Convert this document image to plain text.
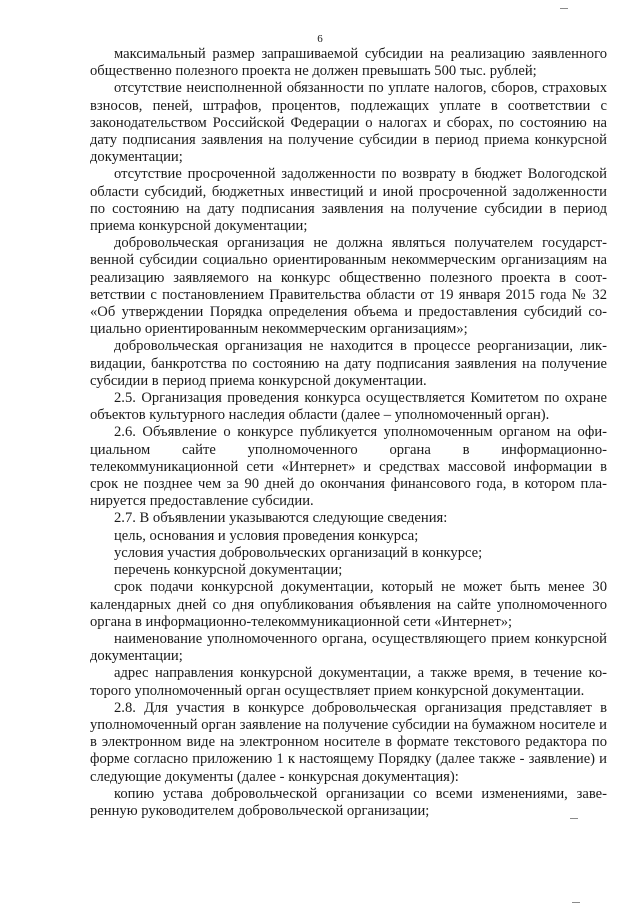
6

максимальный размер запрашиваемой субсидии на реализацию заявленного общественно полезного проекта не должен превышать 500 тыс. рублей;

отсутствие неисполненной обязанности по уплате налогов, сборов, страховых взносов, пеней, штрафов, процентов, подлежащих уплате в соответствии с законодательством Российской Федерации о налогах и сборах, по состоянию на дату подписания заявления на получение субсидии в период приема конкурсной документации;

отсутствие просроченной задолженности по возврату в бюджет Вологодской области субсидий, бюджетных инвестиций и иной просроченной задолженности по состоянию на дату подписания заявления на получение субсидии в период приема конкурсной документации;

добровольческая организация не должна являться получателем государственной субсидии социально ориентированным некоммерческим организациям на реализацию заявляемого на конкурс общественно полезного проекта в соответствии с постановлением Правительства области от 19 января 2015 года № 32 «Об утверждении Порядка определения объема и предоставления субсидий социально ориентированным некоммерческим организациям»;

добровольческая организация не находится в процессе реорганизации, ликвидации, банкротства по состоянию на дату подписания заявления на получение субсидии в период приема конкурсной документации.

2.5. Организация проведения конкурса осуществляется Комитетом по охране объектов культурного наследия области (далее – уполномоченный орган).

2.6. Объявление о конкурсе публикуется уполномоченным органом на официальном сайте уполномоченного органа в информационно-телекоммуникационной сети «Интернет» и средствах массовой информации в срок не позднее чем за 90 дней до окончания финансового года, в котором планируется предоставление субсидии.

2.7. В объявлении указываются следующие сведения:

цель, основания и условия проведения конкурса;

условия участия добровольческих организаций в конкурсе;

перечень конкурсной документации;

срок подачи конкурсной документации, который не может быть менее 30 календарных дней со дня опубликования объявления на сайте уполномоченного органа в информационно-телекоммуникационной сети «Интернет»;

наименование уполномоченного органа, осуществляющего прием конкурсной документации;

адрес направления конкурсной документации, а также время, в течение которого уполномоченный орган осуществляет прием конкурсной документации.

2.8. Для участия в конкурсе добровольческая организация представляет в уполномоченный орган заявление на получение субсидии на бумажном носителе и в электронном виде на электронном носителе в формате текстового редактора по форме согласно приложению 1 к настоящему Порядку (далее также - заявление) и следующие документы (далее - конкурсная документация):

копию устава добровольческой организации со всеми изменениями, заверенную руководителем добровольческой организации;
